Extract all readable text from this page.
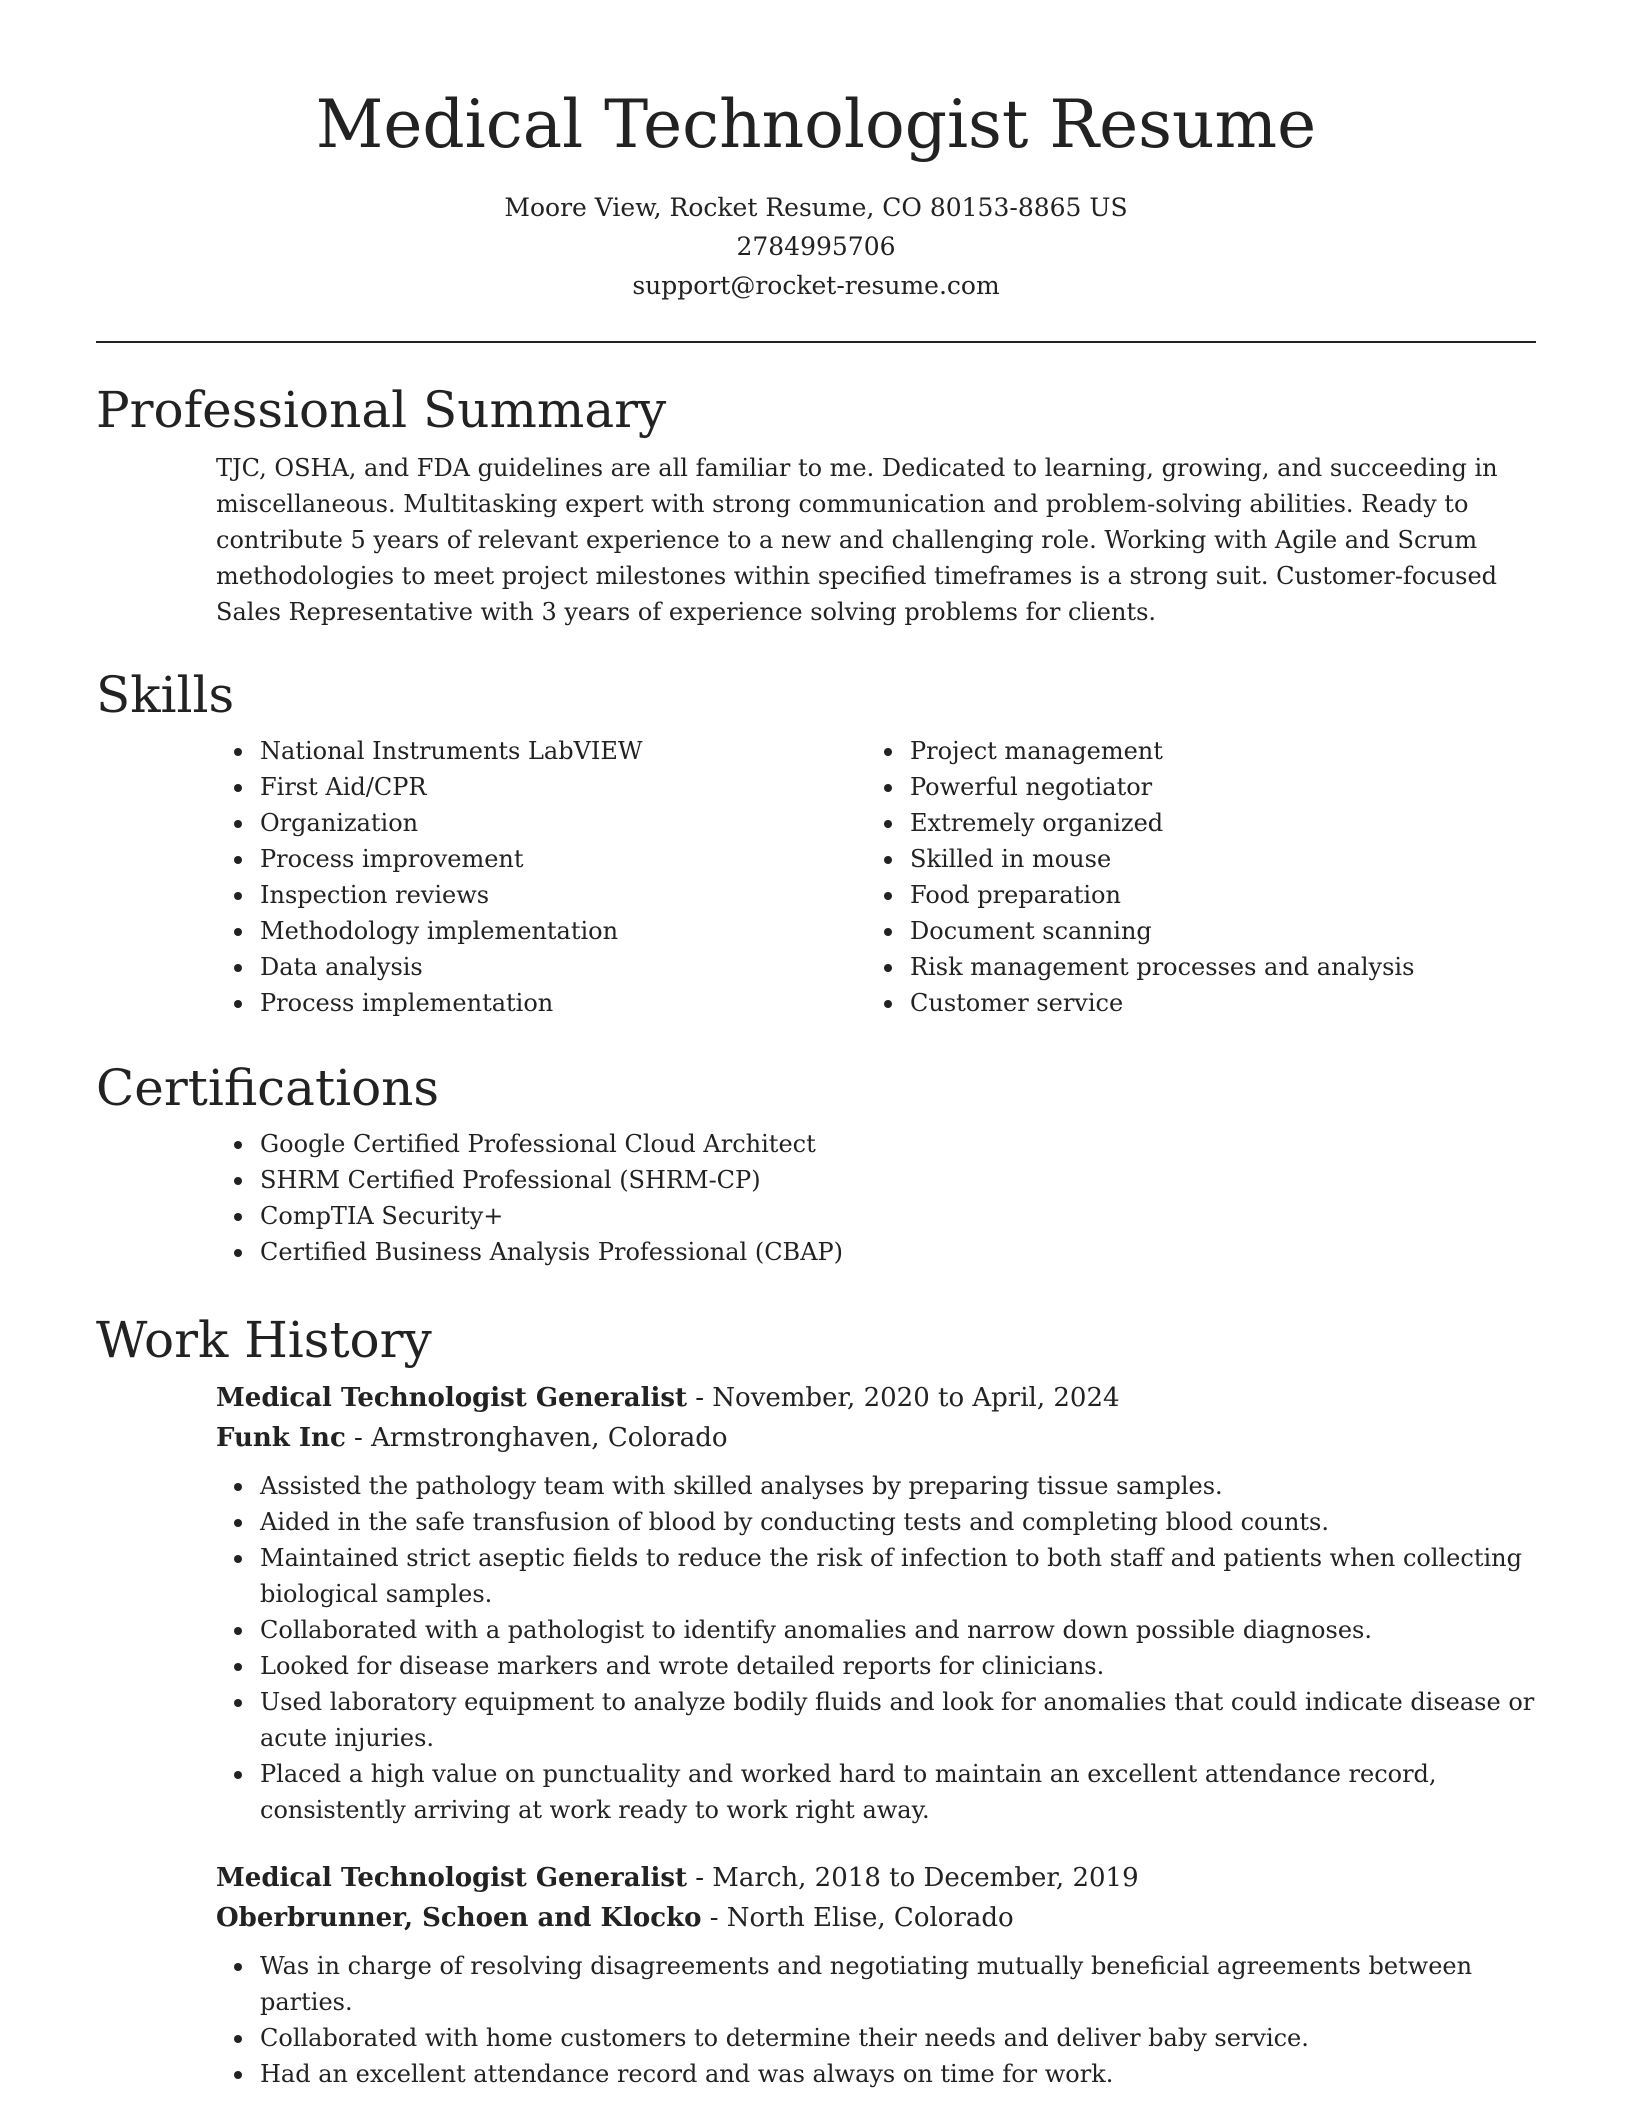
Medical Technologist Resume
Moore View, Rocket Resume, CO 80153-8865 US
2784995706
support@rocket-resume.com
Professional Summary

TJC, OSHA, and FDA guidelines are all familiar to me. Dedicated to learning, growing, and succeeding in miscellaneous. Multitasking expert with strong communication and problem-solving abilities. Ready to contribute 5 years of relevant experience to a new and challenging role. Working with Agile and Scrum methodologies to meet project milestones within specified timeframes is a strong suit. Customer-focused Sales Representative with 3 years of experience solving problems for clients.

Skills
National Instruments LabVIEW
First Aid/CPR
Organization
Process improvement
Inspection reviews
Methodology implementation
Data analysis
Process implementation
Project management
Powerful negotiator
Extremely organized
Skilled in mouse
Food preparation
Document scanning
Risk management processes and analysis
Customer service
Certifications
Google Certified Professional Cloud Architect
SHRM Certified Professional (SHRM-CP)
CompTIA Security+
Certified Business Analysis Professional (CBAP)
Work History
Medical Technologist Generalist - November, 2020 to April, 2024
Funk Inc - Armstronghaven, Colorado
Assisted the pathology team with skilled analyses by preparing tissue samples.
Aided in the safe transfusion of blood by conducting tests and completing blood counts.
Maintained strict aseptic fields to reduce the risk of infection to both staff and patients when collecting biological samples.
Collaborated with a pathologist to identify anomalies and narrow down possible diagnoses.
Looked for disease markers and wrote detailed reports for clinicians.
Used laboratory equipment to analyze bodily fluids and look for anomalies that could indicate disease or acute injuries.
Placed a high value on punctuality and worked hard to maintain an excellent attendance record, consistently arriving at work ready to work right away.
Medical Technologist Generalist - March, 2018 to December, 2019
Oberbrunner, Schoen and Klocko - North Elise, Colorado
Was in charge of resolving disagreements and negotiating mutually beneficial agreements between parties.
Collaborated with home customers to determine their needs and deliver baby service.
Had an excellent attendance record and was always on time for work.
